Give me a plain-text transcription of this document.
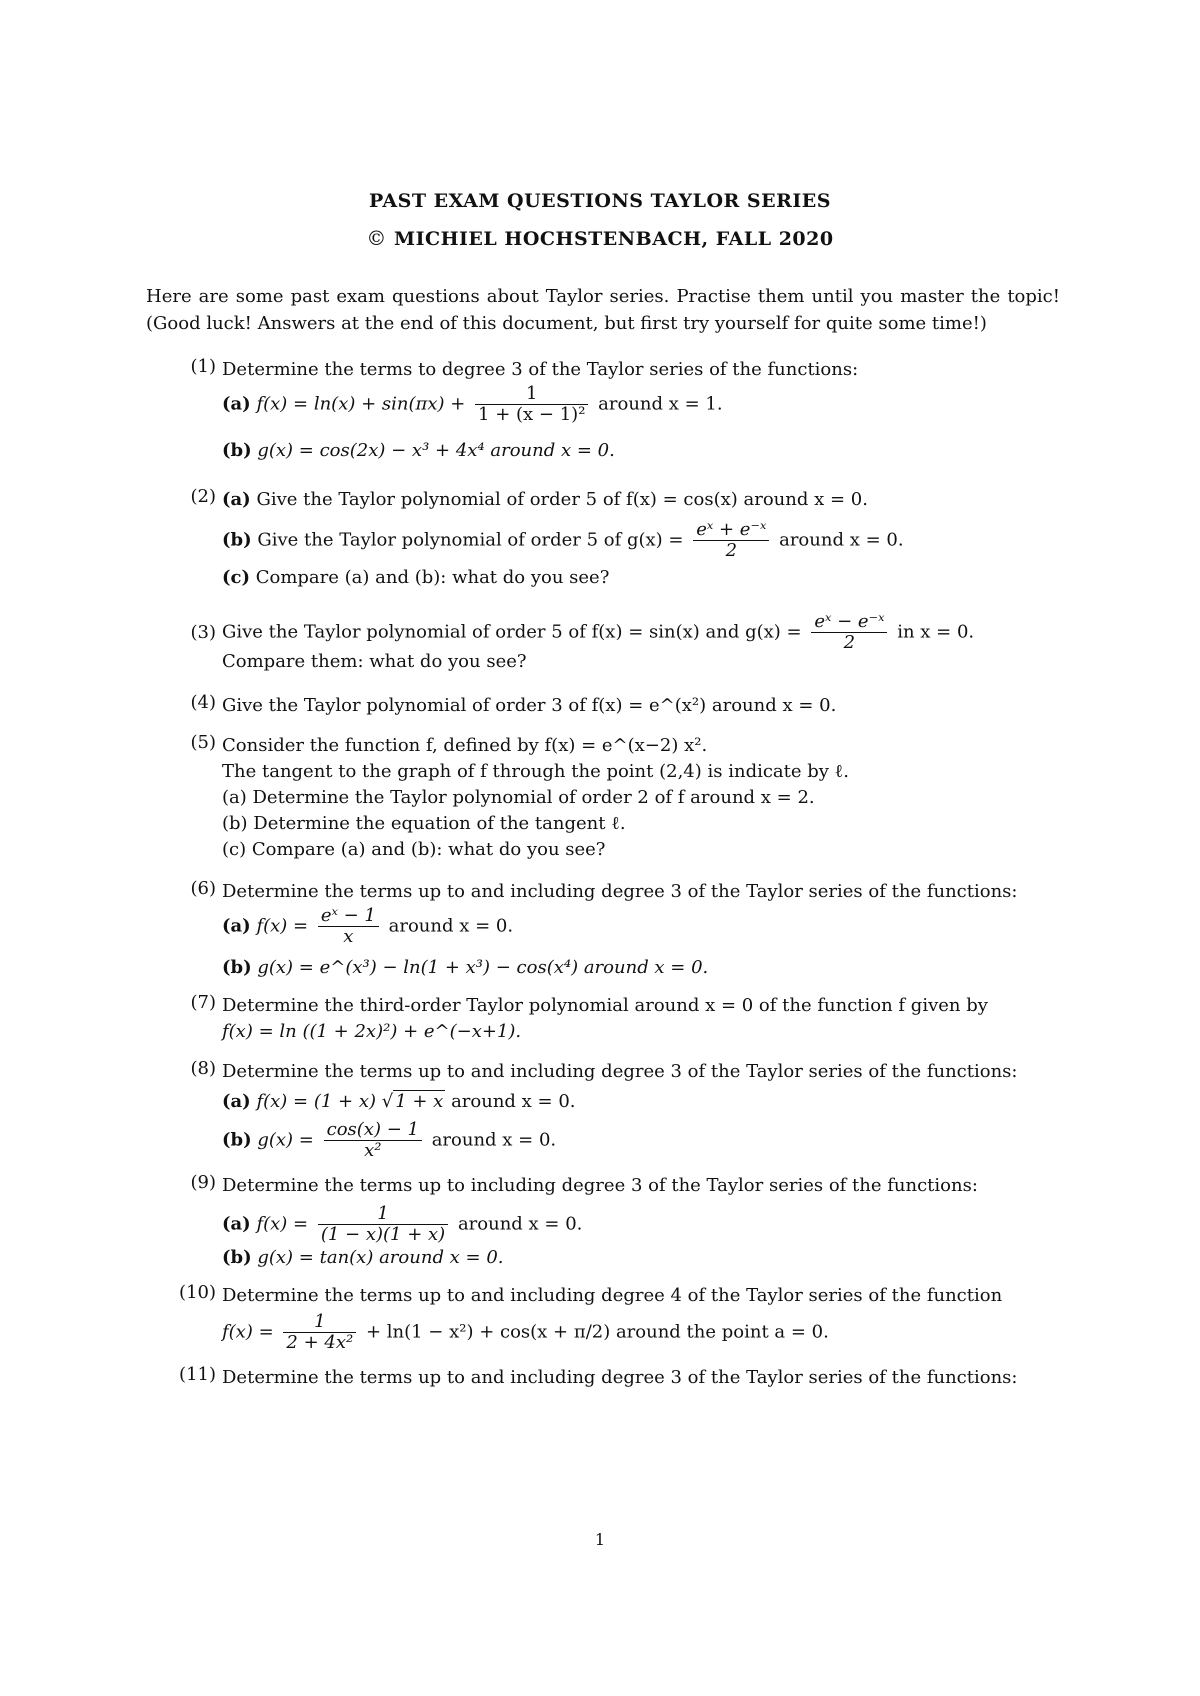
PAST EXAM QUESTIONS TAYLOR SERIES
© MICHIEL HOCHSTENBACH, FALL 2020
Here are some past exam questions about Taylor series. Practise them until you master the topic! (Good luck! Answers at the end of this document, but first try yourself for quite some time!)
(1) Determine the terms to degree 3 of the Taylor series of the functions:
(a) $f(x) = \ln(x) + \sin(\pi x) + \frac{1}{\text{1 + (x − 1)²}}$ around x = 1.
(b) g(x) = cos(2x) − x³ + 4x⁴ around x = 0.
(2) (a) Give the Taylor polynomial of order 5 of f(x) = cos(x) around x = 0.
(b) Give the Taylor polynomial of order 5 of $g(x) = \frac{\text{eˣ + e⁻ˣ}}{2}$ around x = 0.
(c) Compare (a) and (b): what do you see?
(3) Give the Taylor polynomial of order 5 of f(x) = sin(x) and $g(x) = \frac{\text{eˣ − e⁻ˣ}}{2}$ in x = 0.
Compare them: what do you see?
(4) Give the Taylor polynomial of order 3 of f(x) = e^(x²) around x = 0.
(5) Consider the function f, defined by f(x) = e^(x−2) x².
The tangent to the graph of f through the point (2,4) is indicate by ℓ.
(a) Determine the Taylor polynomial of order 2 of f around x = 2.
(b) Determine the equation of the tangent ℓ.
(c) Compare (a) and (b): what do you see?
(6) Determine the terms up to and including degree 3 of the Taylor series of the functions:
(a) $f(x) = \frac{\text{eˣ − 1}}{x}$ around x = 0.
(b) g(x) = e^(x³) − ln(1 + x³) − cos(x⁴) around x = 0.
(7) Determine the third-order Taylor polynomial around x = 0 of the function f given by
f(x) = ln ((1 + 2x)²) + e^(−x+1).
(8) Determine the terms up to and including degree 3 of the Taylor series of the functions:
(a) f(x) = (1 + x) √ 1 + x around x = 0.
(b) $g(x) = \frac{\cos(x) - 1}{\text{x²}}$ around x = 0.
(9) Determine the terms up to including degree 3 of the Taylor series of the functions:
(a) $f(x) = \frac{1}{(1 - x)(1 + x)}$ around x = 0.
(b) g(x) = tan(x) around x = 0.
(10) Determine the terms up to and including degree 4 of the Taylor series of the function
$f(x) = \frac{1}{\text{2 + 4x²}} + \ln(1 - x^2) + \cos(x + \pi/2)$ around the point a = 0.
(11) Determine the terms up to and including degree 3 of the Taylor series of the functions:
1
